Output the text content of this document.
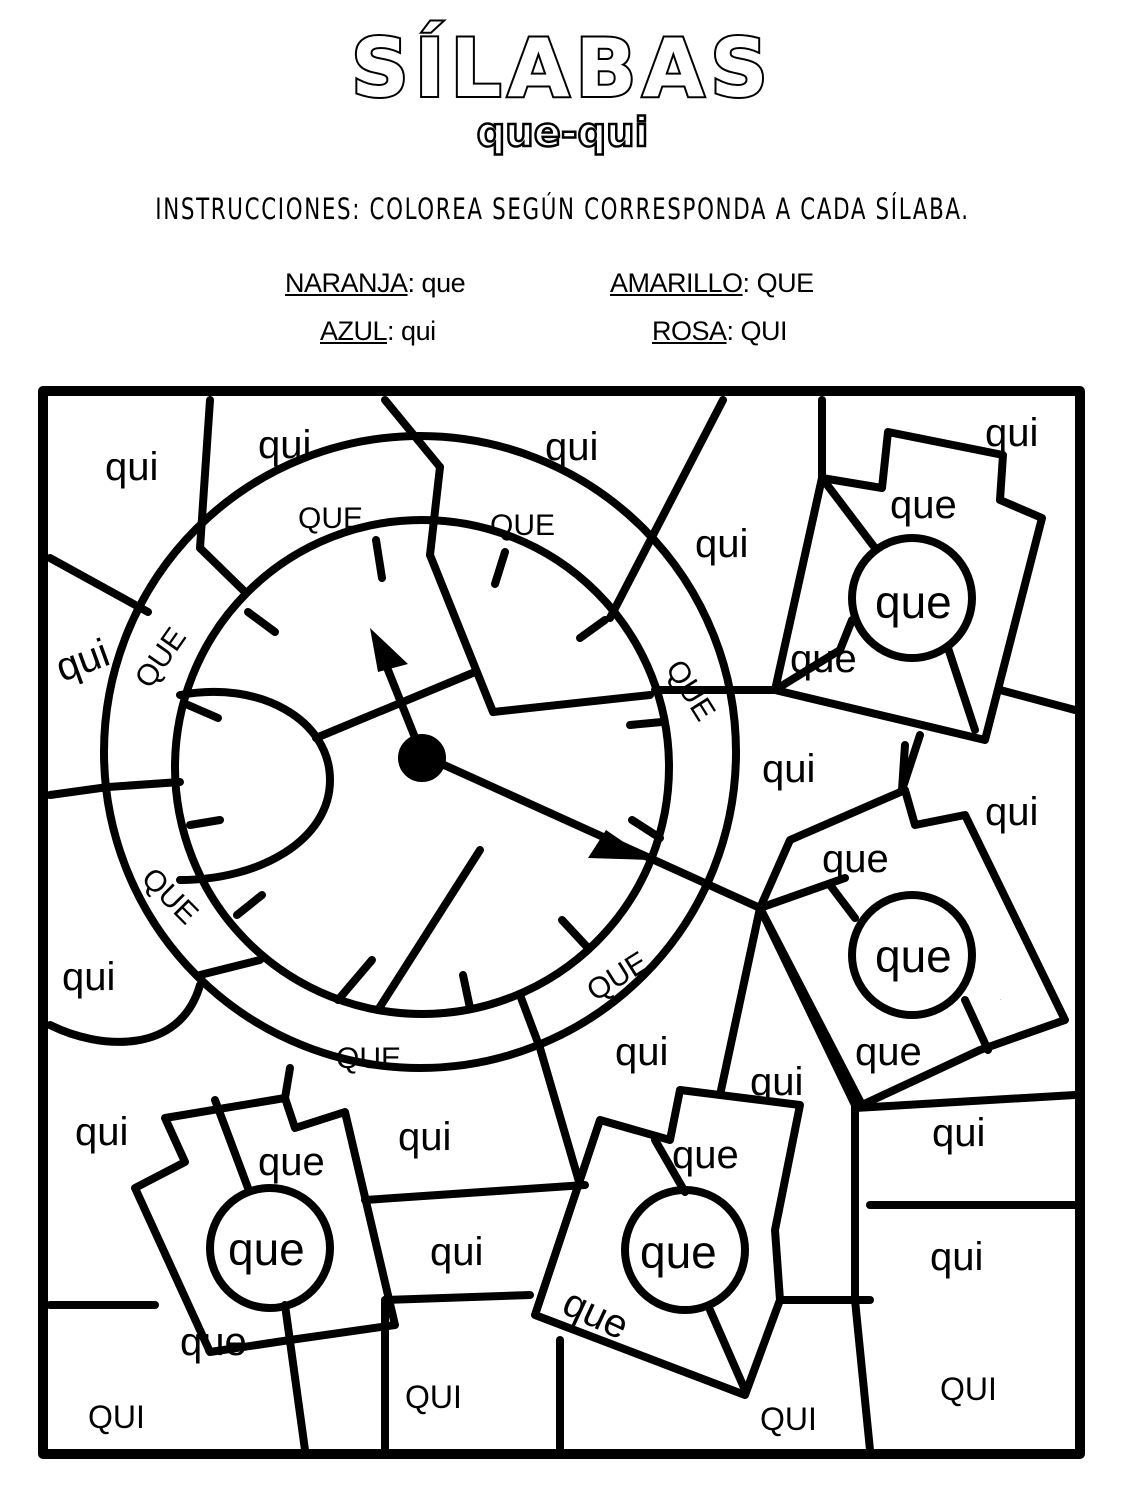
SÍLABAS
que-qui
INSTRUCCIONES: COLOREA SEGÚN CORRESPONDA A CADA SÍLABA.
NARANJA: que	AMARILLO: QUE
AZUL: qui	ROSA: QUI
qui qui	qui	qui
qui
QUE	QUE
QUE	QUE
QUE
QUE
QUE
que
que
que
qui
qui
qui
qui
que
que
que
qui
qui
qui	qui	qui
que	que
que	qui	qui
que
que
que
qui
QUI
QUI
QUI
QUI
